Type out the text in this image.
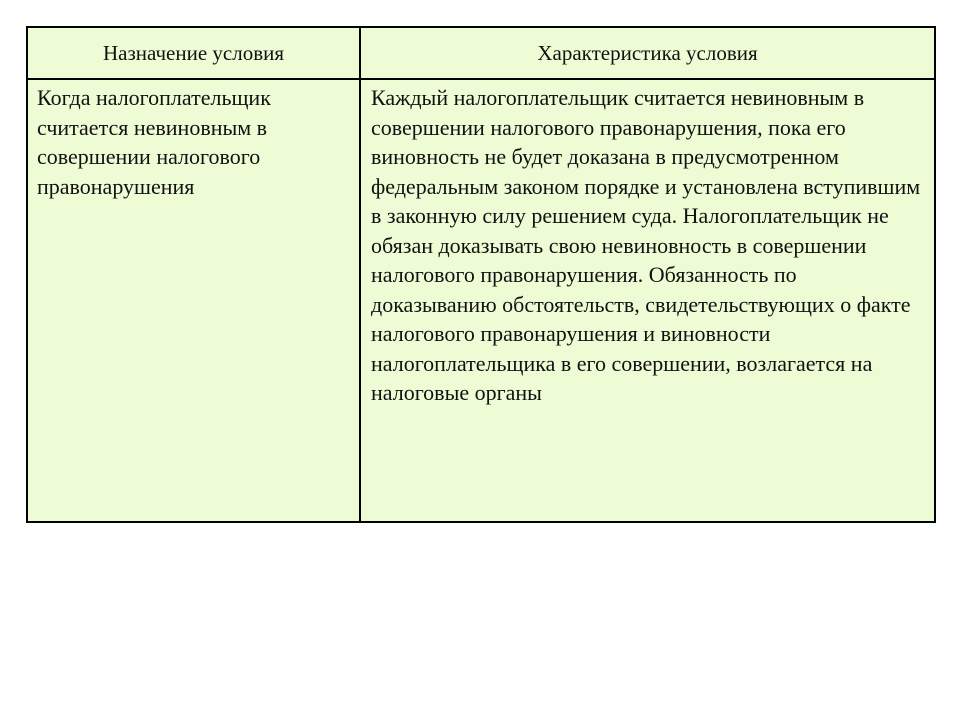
Назначение условия	Характеристика условия

Когда налогоплательщик считается невиновным в совершении налогового правонарушения	Каждый налогоплательщик считается невиновным в совершении налогового правонарушения, пока его виновность не будет доказана в предусмотренном федеральным законом порядке и установлена вступившим в законную силу решением суда. Налогоплательщик не обязан доказывать свою невиновность в совершении налогового правонарушения. Обязанность по доказыванию обстоятельств, свидетельствующих о факте налогового правонарушения и виновности налогоплательщика в его совершении, возлагается на налоговые органы
